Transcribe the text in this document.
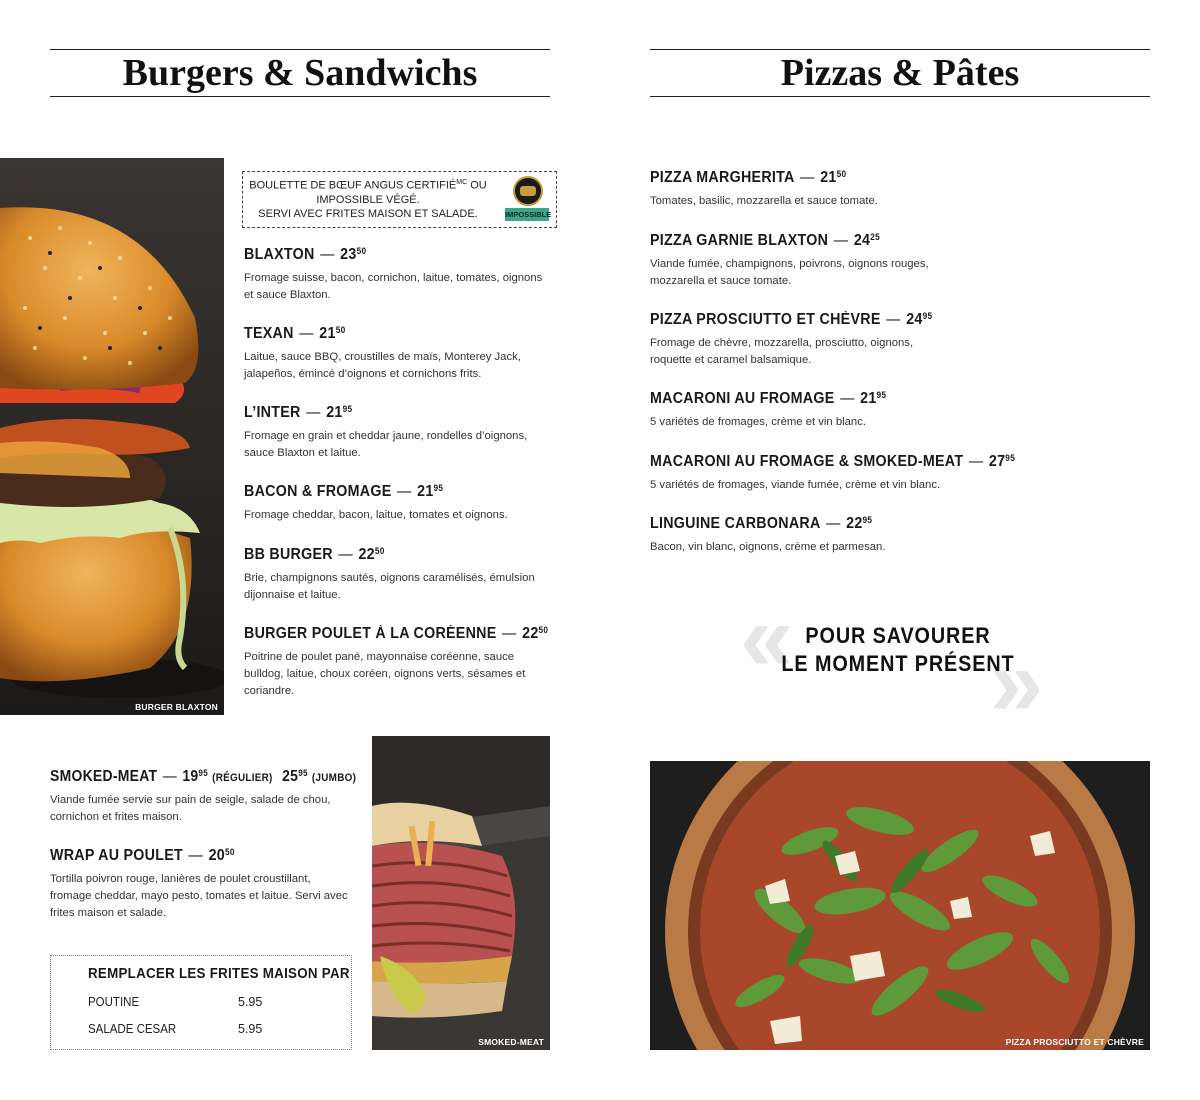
Burgers & Sandwichs
BURGER BLAXTON
BOULETTE DE BŒUF ANGUS $CERTIFIÉ^{MC}$ OU
IMPOSSIBLE VÉGÉ.
SERVI AVEC FRITES MAISON ET SALADE.	IMPOSSIBLE
BLAXTON — $23^{50}$
Fromage suisse, bacon, cornichon, laitue, tomates, oignons et sauce Blaxton.
TEXAN — $21^{50}$
Laitue, sauce BBQ, croustilles de maïs, Monterey Jack, jalapeños, émincé d’oignons et cornichons frits.
L’INTER — $21^{95}$
Fromage en grain et cheddar jaune, rondelles d’oignons, sauce Blaxton et laitue.
BACON & FROMAGE — $21^{95}$
Fromage cheddar, bacon, laitue, tomates et oignons.
BB BURGER — $22^{50}$
Brie, champignons sautés, oignons caramélisés, émulsion dijonnaise et laitue.
BURGER POULET À LA CORÉENNE — $22^{50}$
Poitrine de poulet pané, mayonnaise coréenne, sauce bulldog, laitue, choux coréen, oignons verts, sésames et coriandre.
SMOKED-MEAT — $19^{95}$ (RÉGULIER) $25^{95}$ (JUMBO)
Viande fumée servie sur pain de seigle, salade de chou, cornichon et frites maison.
WRAP AU POULET — $20^{50}$
Tortilla poivron rouge, lanières de poulet croustillant, fromage cheddar, mayo pesto, tomates et laitue. Servi avec frites maison et salade.
REMPLACER LES FRITES MAISON PAR
POUTINE	5.95
SALADE CESAR	5.95
SMOKED-MEAT
Pizzas & Pâtes
PIZZA MARGHERITA — $21^{50}$
Tomates, basilic, mozzarella et sauce tomate.
PIZZA GARNIE BLAXTON — $24^{25}$
Viande fumée, champignons, poivrons, oignons rouges, mozzarella et sauce tomate.
PIZZA PROSCIUTTO ET CHÈVRE — $24^{95}$
Fromage de chèvre, mozzarella, prosciutto, oignons, roquette et caramel balsamique.
MACARONI AU FROMAGE — $21^{95}$
5 variétés de fromages, crème et vin blanc.
MACARONI AU FROMAGE & SMOKED-MEAT — $27^{95}$
5 variétés de fromages, viande fumée, crème et vin blanc.
LINGUINE CARBONARA — $22^{95}$
Bacon, vin blanc, oignons, crème et parmesan.
« »
POUR SAVOURER
LE MOMENT PRÉSENT
PIZZA PROSCIUTTO ET CHÈVRE
